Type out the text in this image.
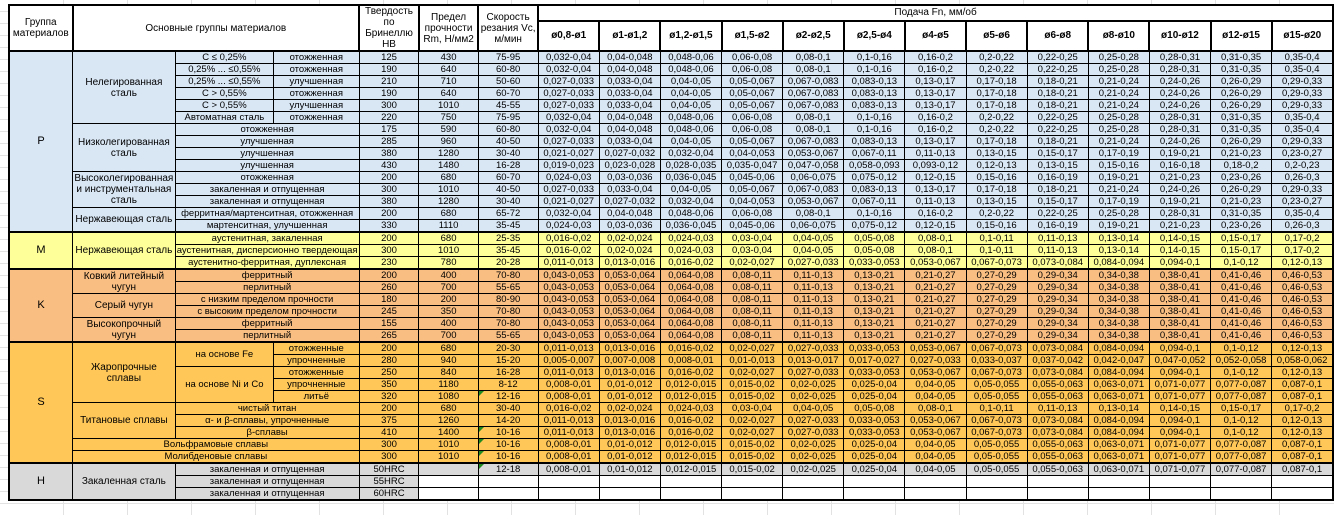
Группа материалов	Основные группы материалов			Твердость по Бринеллю HB	Предел прочности Rm, Н/мм2	Скорость резания Vc, м/мин	Подача Fn, мм/об												
							ø0,8-ø1	ø1-ø1,2	ø1,2-ø1,5	ø1,5-ø2	ø2-ø2,5	ø2,5-ø4	ø4-ø5	ø5-ø6	ø6-ø8	ø8-ø10	ø10-ø12	ø12-ø15	ø15-ø20
P	Нелегированная сталь	C ≤ 0,25%	отожженная	125	430	75-95	0,032-0,04	0,04-0,048	0,048-0,06	0,06-0,08	0,08-0,1	0,1-0,16	0,16-0,2	0,2-0,22	0,22-0,25	0,25-0,28	0,28-0,31	0,31-0,35	0,35-0,4
		0,25% ... ≤0,55%	отожженная	190	640	60-80	0,032-0,04	0,04-0,048	0,048-0,06	0,06-0,08	0,08-0,1	0,1-0,16	0,16-0,2	0,2-0,22	0,22-0,25	0,25-0,28	0,28-0,31	0,31-0,35	0,35-0,4
		0,25% ... ≤0,55%	улучшенная	210	710	50-60	0,027-0,033	0,033-0,04	0,04-0,05	0,05-0,067	0,067-0,083	0,083-0,13	0,13-0,17	0,17-0,18	0,18-0,21	0,21-0,24	0,24-0,26	0,26-0,29	0,29-0,33
		C > 0,55%	отожженная	190	640	60-70	0,027-0,033	0,033-0,04	0,04-0,05	0,05-0,067	0,067-0,083	0,083-0,13	0,13-0,17	0,17-0,18	0,18-0,21	0,21-0,24	0,24-0,26	0,26-0,29	0,29-0,33
		C > 0,55%	улучшенная	300	1010	45-55	0,027-0,033	0,033-0,04	0,04-0,05	0,05-0,067	0,067-0,083	0,083-0,13	0,13-0,17	0,17-0,18	0,18-0,21	0,21-0,24	0,24-0,26	0,26-0,29	0,29-0,33
		Автоматная сталь	отожженная	220	750	75-95	0,032-0,04	0,04-0,048	0,048-0,06	0,06-0,08	0,08-0,1	0,1-0,16	0,16-0,2	0,2-0,22	0,22-0,25	0,25-0,28	0,28-0,31	0,31-0,35	0,35-0,4
	Низколегированная сталь	отожженная		175	590	60-80	0,032-0,04	0,04-0,048	0,048-0,06	0,06-0,08	0,08-0,1	0,1-0,16	0,16-0,2	0,2-0,22	0,22-0,25	0,25-0,28	0,28-0,31	0,31-0,35	0,35-0,4
		улучшенная		285	960	40-50	0,027-0,033	0,033-0,04	0,04-0,05	0,05-0,067	0,067-0,083	0,083-0,13	0,13-0,17	0,17-0,18	0,18-0,21	0,21-0,24	0,24-0,26	0,26-0,29	0,29-0,33
		улучшенная		380	1280	30-40	0,021-0,027	0,027-0,032	0,032-0,04	0,04-0,053	0,053-0,067	0,067-0,11	0,11-0,13	0,13-0,15	0,15-0,17	0,17-0,19	0,19-0,21	0,21-0,23	0,23-0,27
		улучшенная		430	1480	16-28	0,019-0,023	0,023-0,028	0,028-0,035	0,035-0,047	0,047-0,058	0,058-0,093	0,093-0,12	0,12-0,13	0,13-0,15	0,15-0,16	0,16-0,18	0,18-0,2	0,2-0,23
	Высоколегированная и инструментальная сталь	отожженная		200	680	60-70	0,024-0,03	0,03-0,036	0,036-0,045	0,045-0,06	0,06-0,075	0,075-0,12	0,12-0,15	0,15-0,16	0,16-0,19	0,19-0,21	0,21-0,23	0,23-0,26	0,26-0,3
		закаленная и отпущенная		300	1010	40-50	0,027-0,033	0,033-0,04	0,04-0,05	0,05-0,067	0,067-0,083	0,083-0,13	0,13-0,17	0,17-0,18	0,18-0,21	0,21-0,24	0,24-0,26	0,26-0,29	0,29-0,33
		закаленная и отпущенная		380	1280	30-40	0,021-0,027	0,027-0,032	0,032-0,04	0,04-0,053	0,053-0,067	0,067-0,11	0,11-0,13	0,13-0,15	0,15-0,17	0,17-0,19	0,19-0,21	0,21-0,23	0,23-0,27
	Нержавеющая сталь	ферритная/мартенситная, отожженная		200	680	65-72	0,032-0,04	0,04-0,048	0,048-0,06	0,06-0,08	0,08-0,1	0,1-0,16	0,16-0,2	0,2-0,22	0,22-0,25	0,25-0,28	0,28-0,31	0,31-0,35	0,35-0,4
		мартенситная, улучшенная		330	1110	35-45	0,024-0,03	0,03-0,036	0,036-0,045	0,045-0,06	0,06-0,075	0,075-0,12	0,12-0,15	0,15-0,16	0,16-0,19	0,19-0,21	0,21-0,23	0,23-0,26	0,26-0,3
M	Нержавеющая сталь	аустенитная, закаленная		200	680	25-35	0,016-0,02	0,02-0,024	0,024-0,03	0,03-0,04	0,04-0,05	0,05-0,08	0,08-0,1	0,1-0,11	0,11-0,13	0,13-0,14	0,14-0,15	0,15-0,17	0,17-0,2
		аустенитная, дисперсионно твердеющая		300	1010	35-45	0,016-0,02	0,02-0,024	0,024-0,03	0,03-0,04	0,04-0,05	0,05-0,08	0,08-0,1	0,1-0,11	0,11-0,13	0,13-0,14	0,14-0,15	0,15-0,17	0,17-0,2
		аустенитно-ферритная, дуплексная		230	780	20-28	0,011-0,013	0,013-0,016	0,016-0,02	0,02-0,027	0,027-0,033	0,033-0,053	0,053-0,067	0,067-0,073	0,073-0,084	0,084-0,094	0,094-0,1	0,1-0,12	0,12-0,13
K	Ковкий литейный чугун	ферритный		200	400	70-80	0,043-0,053	0,053-0,064	0,064-0,08	0,08-0,11	0,11-0,13	0,13-0,21	0,21-0,27	0,27-0,29	0,29-0,34	0,34-0,38	0,38-0,41	0,41-0,46	0,46-0,53
		перлитный		260	700	55-65	0,043-0,053	0,053-0,064	0,064-0,08	0,08-0,11	0,11-0,13	0,13-0,21	0,21-0,27	0,27-0,29	0,29-0,34	0,34-0,38	0,38-0,41	0,41-0,46	0,46-0,53
	Серый чугун	с низким пределом прочности		180	200	80-90	0,043-0,053	0,053-0,064	0,064-0,08	0,08-0,11	0,11-0,13	0,13-0,21	0,21-0,27	0,27-0,29	0,29-0,34	0,34-0,38	0,38-0,41	0,41-0,46	0,46-0,53
		с высоким пределом прочности		245	350	70-80	0,043-0,053	0,053-0,064	0,064-0,08	0,08-0,11	0,11-0,13	0,13-0,21	0,21-0,27	0,27-0,29	0,29-0,34	0,34-0,38	0,38-0,41	0,41-0,46	0,46-0,53
	Высокопрочный чугун	ферритный		155	400	70-80	0,043-0,053	0,053-0,064	0,064-0,08	0,08-0,11	0,11-0,13	0,13-0,21	0,21-0,27	0,27-0,29	0,29-0,34	0,34-0,38	0,38-0,41	0,41-0,46	0,46-0,53
		перлитный		265	700	55-65	0,043-0,053	0,053-0,064	0,064-0,08	0,08-0,11	0,11-0,13	0,13-0,21	0,21-0,27	0,27-0,29	0,29-0,34	0,34-0,38	0,38-0,41	0,41-0,46	0,46-0,53
S	Жаропрочные сплавы	на основе Fe	отожженные	200	680	20-30	0,011-0,013	0,013-0,016	0,016-0,02	0,02-0,027	0,027-0,033	0,033-0,053	0,053-0,067	0,067-0,073	0,073-0,084	0,084-0,094	0,094-0,1	0,1-0,12	0,12-0,13
			упрочненные	280	940	15-20	0,005-0,007	0,007-0,008	0,008-0,01	0,01-0,013	0,013-0,017	0,017-0,027	0,027-0,033	0,033-0,037	0,037-0,042	0,042-0,047	0,047-0,052	0,052-0,058	0,058-0,062
		на основе Ni и Co	отожженные	250	840	16-28	0,011-0,013	0,013-0,016	0,016-0,02	0,02-0,027	0,027-0,033	0,033-0,053	0,053-0,067	0,067-0,073	0,073-0,084	0,084-0,094	0,094-0,1	0,1-0,12	0,12-0,13
			упрочненные	350	1180	8-12	0,008-0,01	0,01-0,012	0,012-0,015	0,015-0,02	0,02-0,025	0,025-0,04	0,04-0,05	0,05-0,055	0,055-0,063	0,063-0,071	0,071-0,077	0,077-0,087	0,087-0,1
			литьё	320	1080	12-16	0,008-0,01	0,01-0,012	0,012-0,015	0,015-0,02	0,02-0,025	0,025-0,04	0,04-0,05	0,05-0,055	0,055-0,063	0,063-0,071	0,071-0,077	0,077-0,087	0,087-0,1
	Титановые сплавы	чистый титан		200	680	30-40	0,016-0,02	0,02-0,024	0,024-0,03	0,03-0,04	0,04-0,05	0,05-0,08	0,08-0,1	0,1-0,11	0,11-0,13	0,13-0,14	0,14-0,15	0,15-0,17	0,17-0,2
		α- и β-сплавы, упрочненные		375	1260	14-20	0,011-0,013	0,013-0,016	0,016-0,02	0,02-0,027	0,027-0,033	0,033-0,053	0,053-0,067	0,067-0,073	0,073-0,084	0,084-0,094	0,094-0,1	0,1-0,12	0,12-0,13
		β-сплавы		410	1400	10-16	0,011-0,013	0,013-0,016	0,016-0,02	0,02-0,027	0,027-0,033	0,033-0,053	0,053-0,067	0,067-0,073	0,073-0,084	0,084-0,094	0,094-0,1	0,1-0,12	0,12-0,13
	Вольфрамовые сплавы			300	1010	10-16	0,008-0,01	0,01-0,012	0,012-0,015	0,015-0,02	0,02-0,025	0,025-0,04	0,04-0,05	0,05-0,055	0,055-0,063	0,063-0,071	0,071-0,077	0,077-0,087	0,087-0,1
	Молибденовые сплавы			300	1010	10-16	0,008-0,01	0,01-0,012	0,012-0,015	0,015-0,02	0,02-0,025	0,025-0,04	0,04-0,05	0,05-0,055	0,055-0,063	0,063-0,071	0,071-0,077	0,077-0,087	0,087-0,1
H	Закаленная сталь	закаленная и отпущенная		50HRC		12-18	0,008-0,01	0,01-0,012	0,012-0,015	0,015-0,02	0,02-0,025	0,025-0,04	0,04-0,05	0,05-0,055	0,055-0,063	0,063-0,071	0,071-0,077	0,077-0,087	0,087-0,1
		закаленная и отпущенная		55HRC															
		закаленная и отпущенная		60HRC															
